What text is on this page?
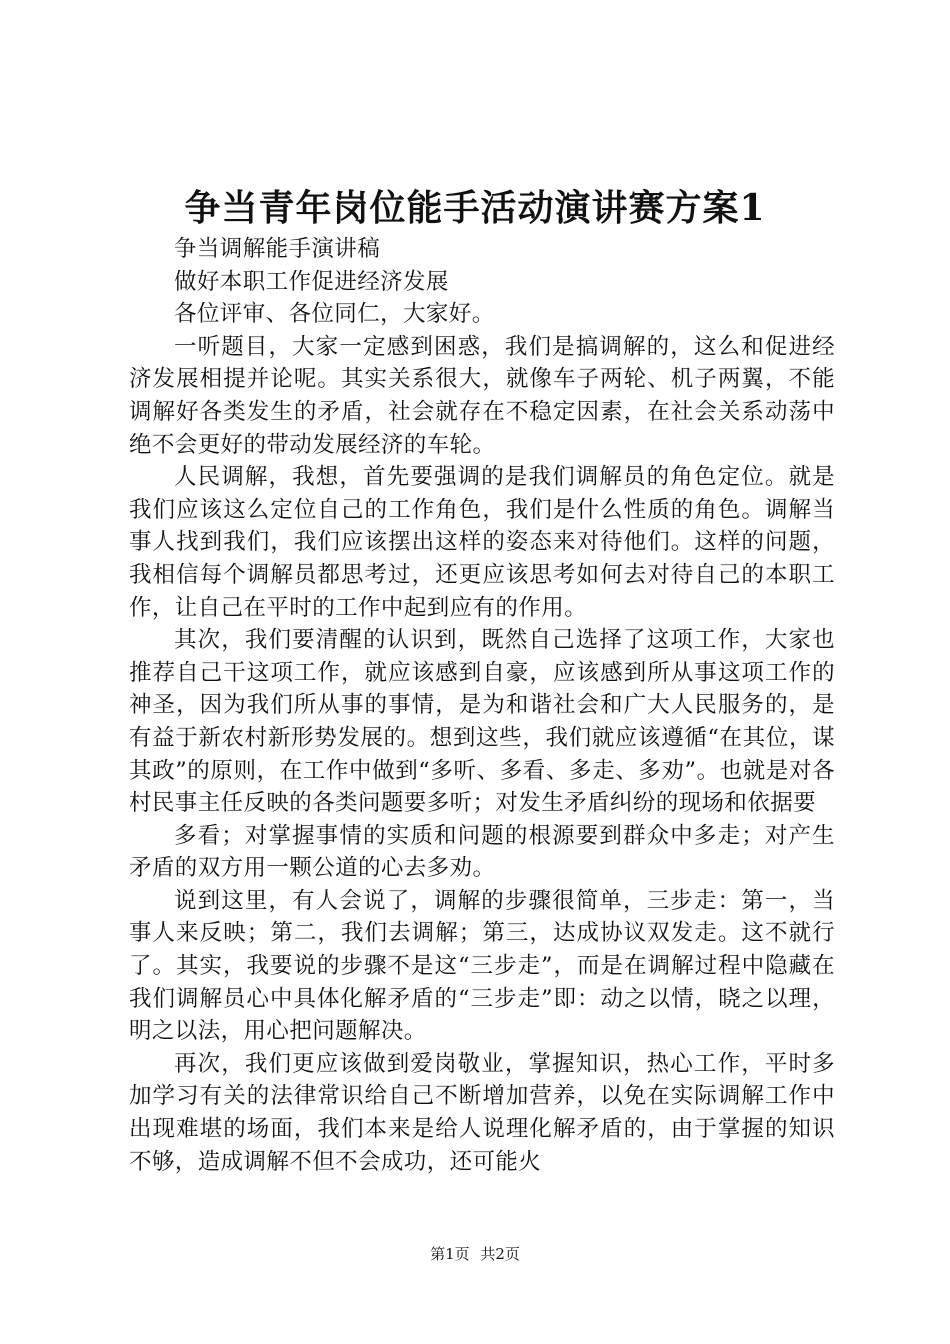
争当青年岗位能手活动演讲赛方案1

争当调解能手演讲稿

做好本职工作促进经济发展

各位评审、各位同仁，大家好。

一听题目，大家一定感到困惑，我们是搞调解的，这么和促进经济发展相提并论呢。其实关系很大，就像车子两轮、机子两翼，不能调解好各类发生的矛盾，社会就存在不稳定因素，在社会关系动荡中绝不会更好的带动发展经济的车轮。

人民调解，我想，首先要强调的是我们调解员的角色定位。就是我们应该这么定位自己的工作角色，我们是什么性质的角色。调解当事人找到我们，我们应该摆出这样的姿态来对待他们。这样的问题，我相信每个调解员都思考过，还更应该思考如何去对待自己的本职工作，让自己在平时的工作中起到应有的作用。

其次，我们要清醒的认识到，既然自己选择了这项工作，大家也推荐自己干这项工作，就应该感到自豪，应该感到所从事这项工作的神圣，因为我们所从事的事情，是为和谐社会和广大人民服务的，是有益于新农村新形势发展的。想到这些，我们就应该遵循“在其位，谋其政”的原则，在工作中做到“多听、多看、多走、多劝”。也就是对各村民事主任反映的各类问题要多听；对发生矛盾纠纷的现场和依据要

多看；对掌握事情的实质和问题的根源要到群众中多走；对产生矛盾的双方用一颗公道的心去多劝。

说到这里，有人会说了，调解的步骤很简单，三步走：第一，当事人来反映；第二，我们去调解；第三，达成协议双发走。这不就行了。其实，我要说的步骤不是这“三步走”，而是在调解过程中隐藏在我们调解员心中具体化解矛盾的“三步走”即：动之以情，晓之以理，明之以法，用心把问题解决。

再次，我们更应该做到爱岗敬业，掌握知识，热心工作，平时多加学习有关的法律常识给自己不断增加营养，以免在实际调解工作中出现难堪的场面，我们本来是给人说理化解矛盾的，由于掌握的知识不够，造成调解不但不会成功，还可能火

第1页 共2页
